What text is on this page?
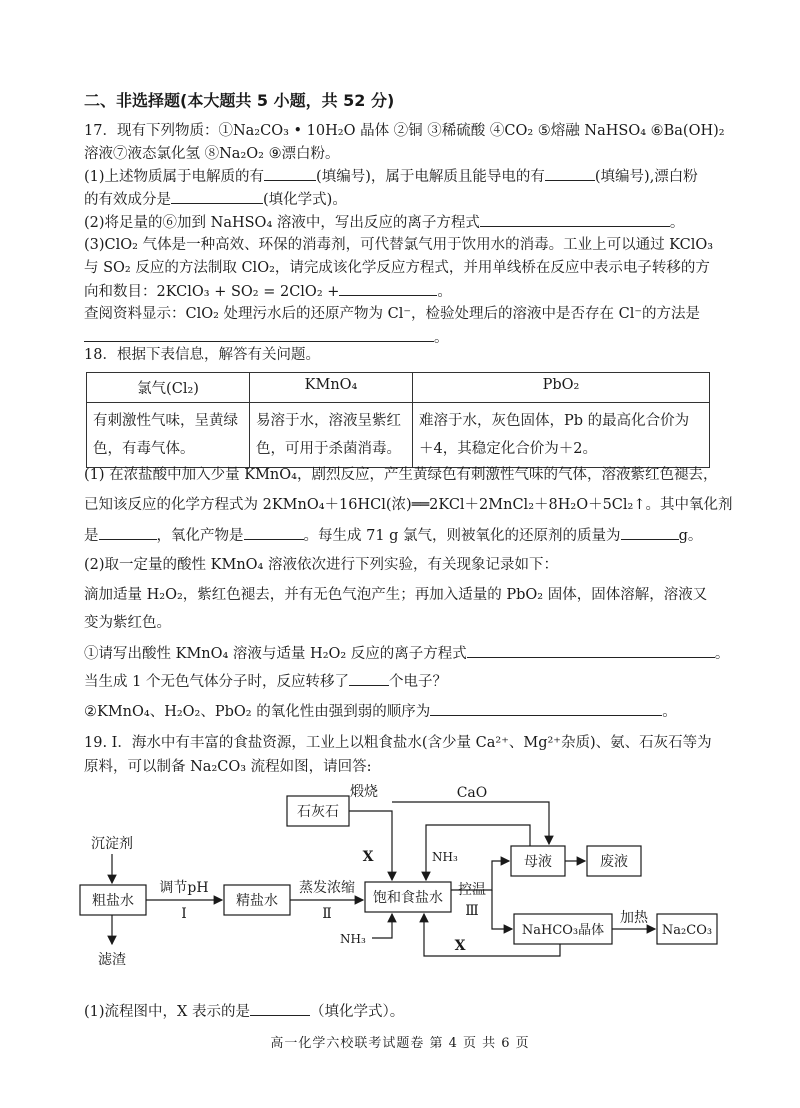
二、非选择题(本大题共 5 小题，共 52 分)
17．现有下列物质：①Na₂CO₃ • 10H₂O 晶体 ②铜 ③稀硫酸 ④CO₂ ⑤熔融 NaHSO₄ ⑥Ba(OH)₂
溶液⑦液态氯化氢 ⑧Na₂O₂ ⑨漂白粉。
(1)上述物质属于电解质的有	(填编号)，属于电解质且能导电的有	(填编号),漂白粉
的有效成分是	(填化学式)。
(2)将足量的⑥加到 NaHSO₄ 溶液中，写出反应的离子方程式	。
(3)ClO₂ 气体是一种高效、环保的消毒剂，可代替氯气用于饮用水的消毒。工业上可以通过 KClO₃
与 SO₂ 反应的方法制取 ClO₂，请完成该化学反应方程式，并用单线桥在反应中表示电子转移的方
向和数目：2KClO₃ + SO₂ = 2ClO₂ +	。
查阅资料显示：ClO₂ 处理污水后的还原产物为 Cl⁻，检验处理后的溶液中是否存在 Cl⁻的方法是
。
18．根据下表信息，解答有关问题。
氯气(Cl₂)	KMnO₄	PbO₂
有刺激性气味，呈黄绿色，有毒气体。	易溶于水，溶液呈紫红色，可用于杀菌消毒。	难溶于水，灰色固体，Pb 的最高化合价为＋4，其稳定化合价为＋2。
(1) 在浓盐酸中加入少量 KMnO₄，剧烈反应，产生黄绿色有刺激性气味的气体，溶液紫红色褪去，
已知该反应的化学方程式为 2KMnO₄＋16HCl(浓)══2KCl＋2MnCl₂＋8H₂O＋5Cl₂↑。其中氧化剂
是	，氧化产物是	。每生成 71 g 氯气，则被氧化的还原剂的质量为	g。
(2)取一定量的酸性 KMnO₄ 溶液依次进行下列实验，有关现象记录如下：
滴加适量 H₂O₂，紫红色褪去，并有无色气泡产生；再加入适量的 PbO₂ 固体，固体溶解，溶液又
变为紫红色。
①请写出酸性 KMnO₄ 溶液与适量 H₂O₂ 反应的离子方程式	。
当生成 1 个无色气体分子时，反应转移了	个电子？
②KMnO₄、H₂O₂、PbO₂ 的氧化性由强到弱的顺序为	。
19. I．海水中有丰富的食盐资源，工业上以粗食盐水(含少量 Ca²⁺、Mg²⁺杂质)、氨、石灰石等为
原料，可以制备 Na₂CO₃ 流程如图，请回答:
石灰石
煅烧	CaO
X	NH₃	母液	废液
沉淀剂
粗盐水
调节pH
Ⅰ
精盐水
蒸发浓缩
Ⅱ
饱和食盐水 控温
Ⅲ
NaHCO₃晶体
加热
Na₂CO₃
滤渣
NH₃	X
(1)流程图中，X 表示的是	（填化学式）。
高一化学六校联考试题卷 第 4 页 共 6 页
